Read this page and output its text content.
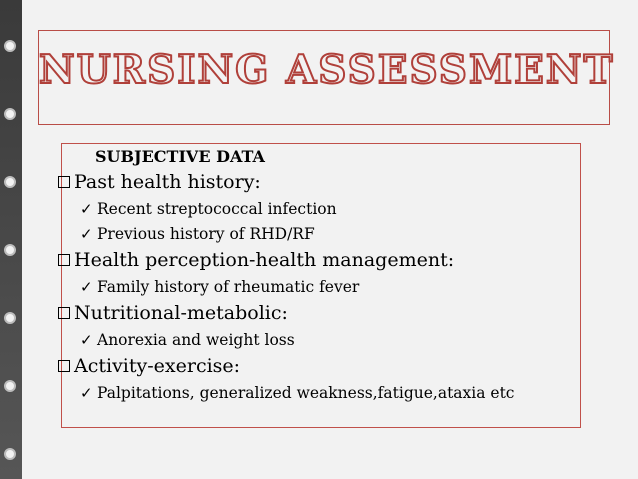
NURSING ASSESSMENT
SUBJECTIVE DATA
Past health history:
✓ Recent streptococcal infection
✓ Previous history of RHD/RF
Health perception-health management:
✓ Family history of rheumatic fever
Nutritional-metabolic:
✓ Anorexia and weight loss
Activity-exercise:
✓ Palpitations, generalized weakness,fatigue,ataxia etc
